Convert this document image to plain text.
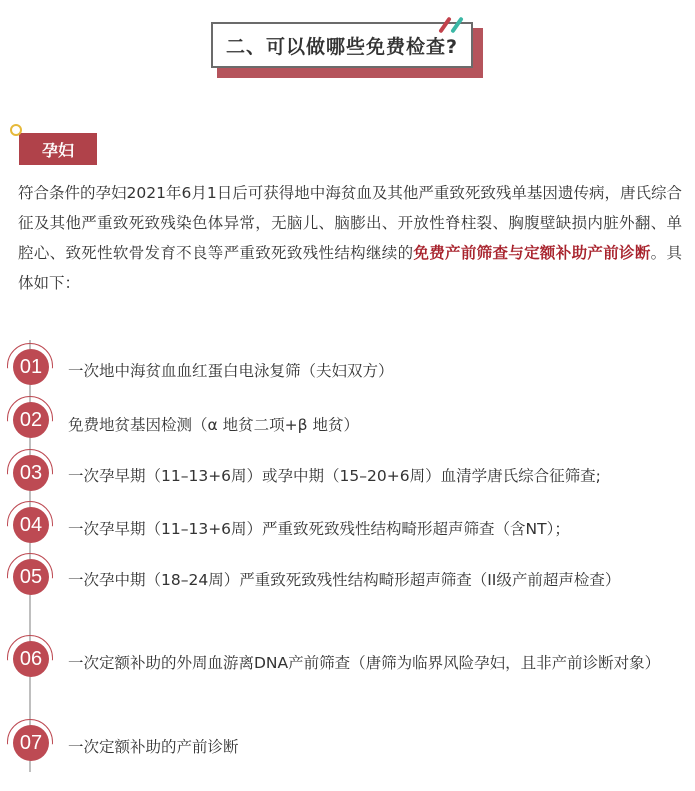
二、可以做哪些免费检查?
孕妇
符合条件的孕妇2021年6月1日后可获得地中海贫血及其他严重致死致残单基因遗传病，唐氏综合征及其他严重致死致残染色体异常，无脑儿、脑膨出、开放性脊柱裂、胸腹壁缺损内脏外翻、单腔心、致死性软骨发育不良等严重致死致残性结构继续的免费产前筛查与定额补助产前诊断。具体如下：
01	一次地中海贫血血红蛋白电泳复筛（夫妇双方）
02	免费地贫基因检测（α 地贫二项+β 地贫）
03	一次孕早期（11–13+6周）或孕中期（15–20+6周）血清学唐氏综合征筛查;
04	一次孕早期（11–13+6周）严重致死致残性结构畸形超声筛查（含NT）；
05	一次孕中期（18–24周）严重致死致残性结构畸形超声筛查（II级产前超声检查）
06	一次定额补助的外周血游离DNA产前筛查（唐筛为临界风险孕妇，且非产前诊断对象）
07	一次定额补助的产前诊断
